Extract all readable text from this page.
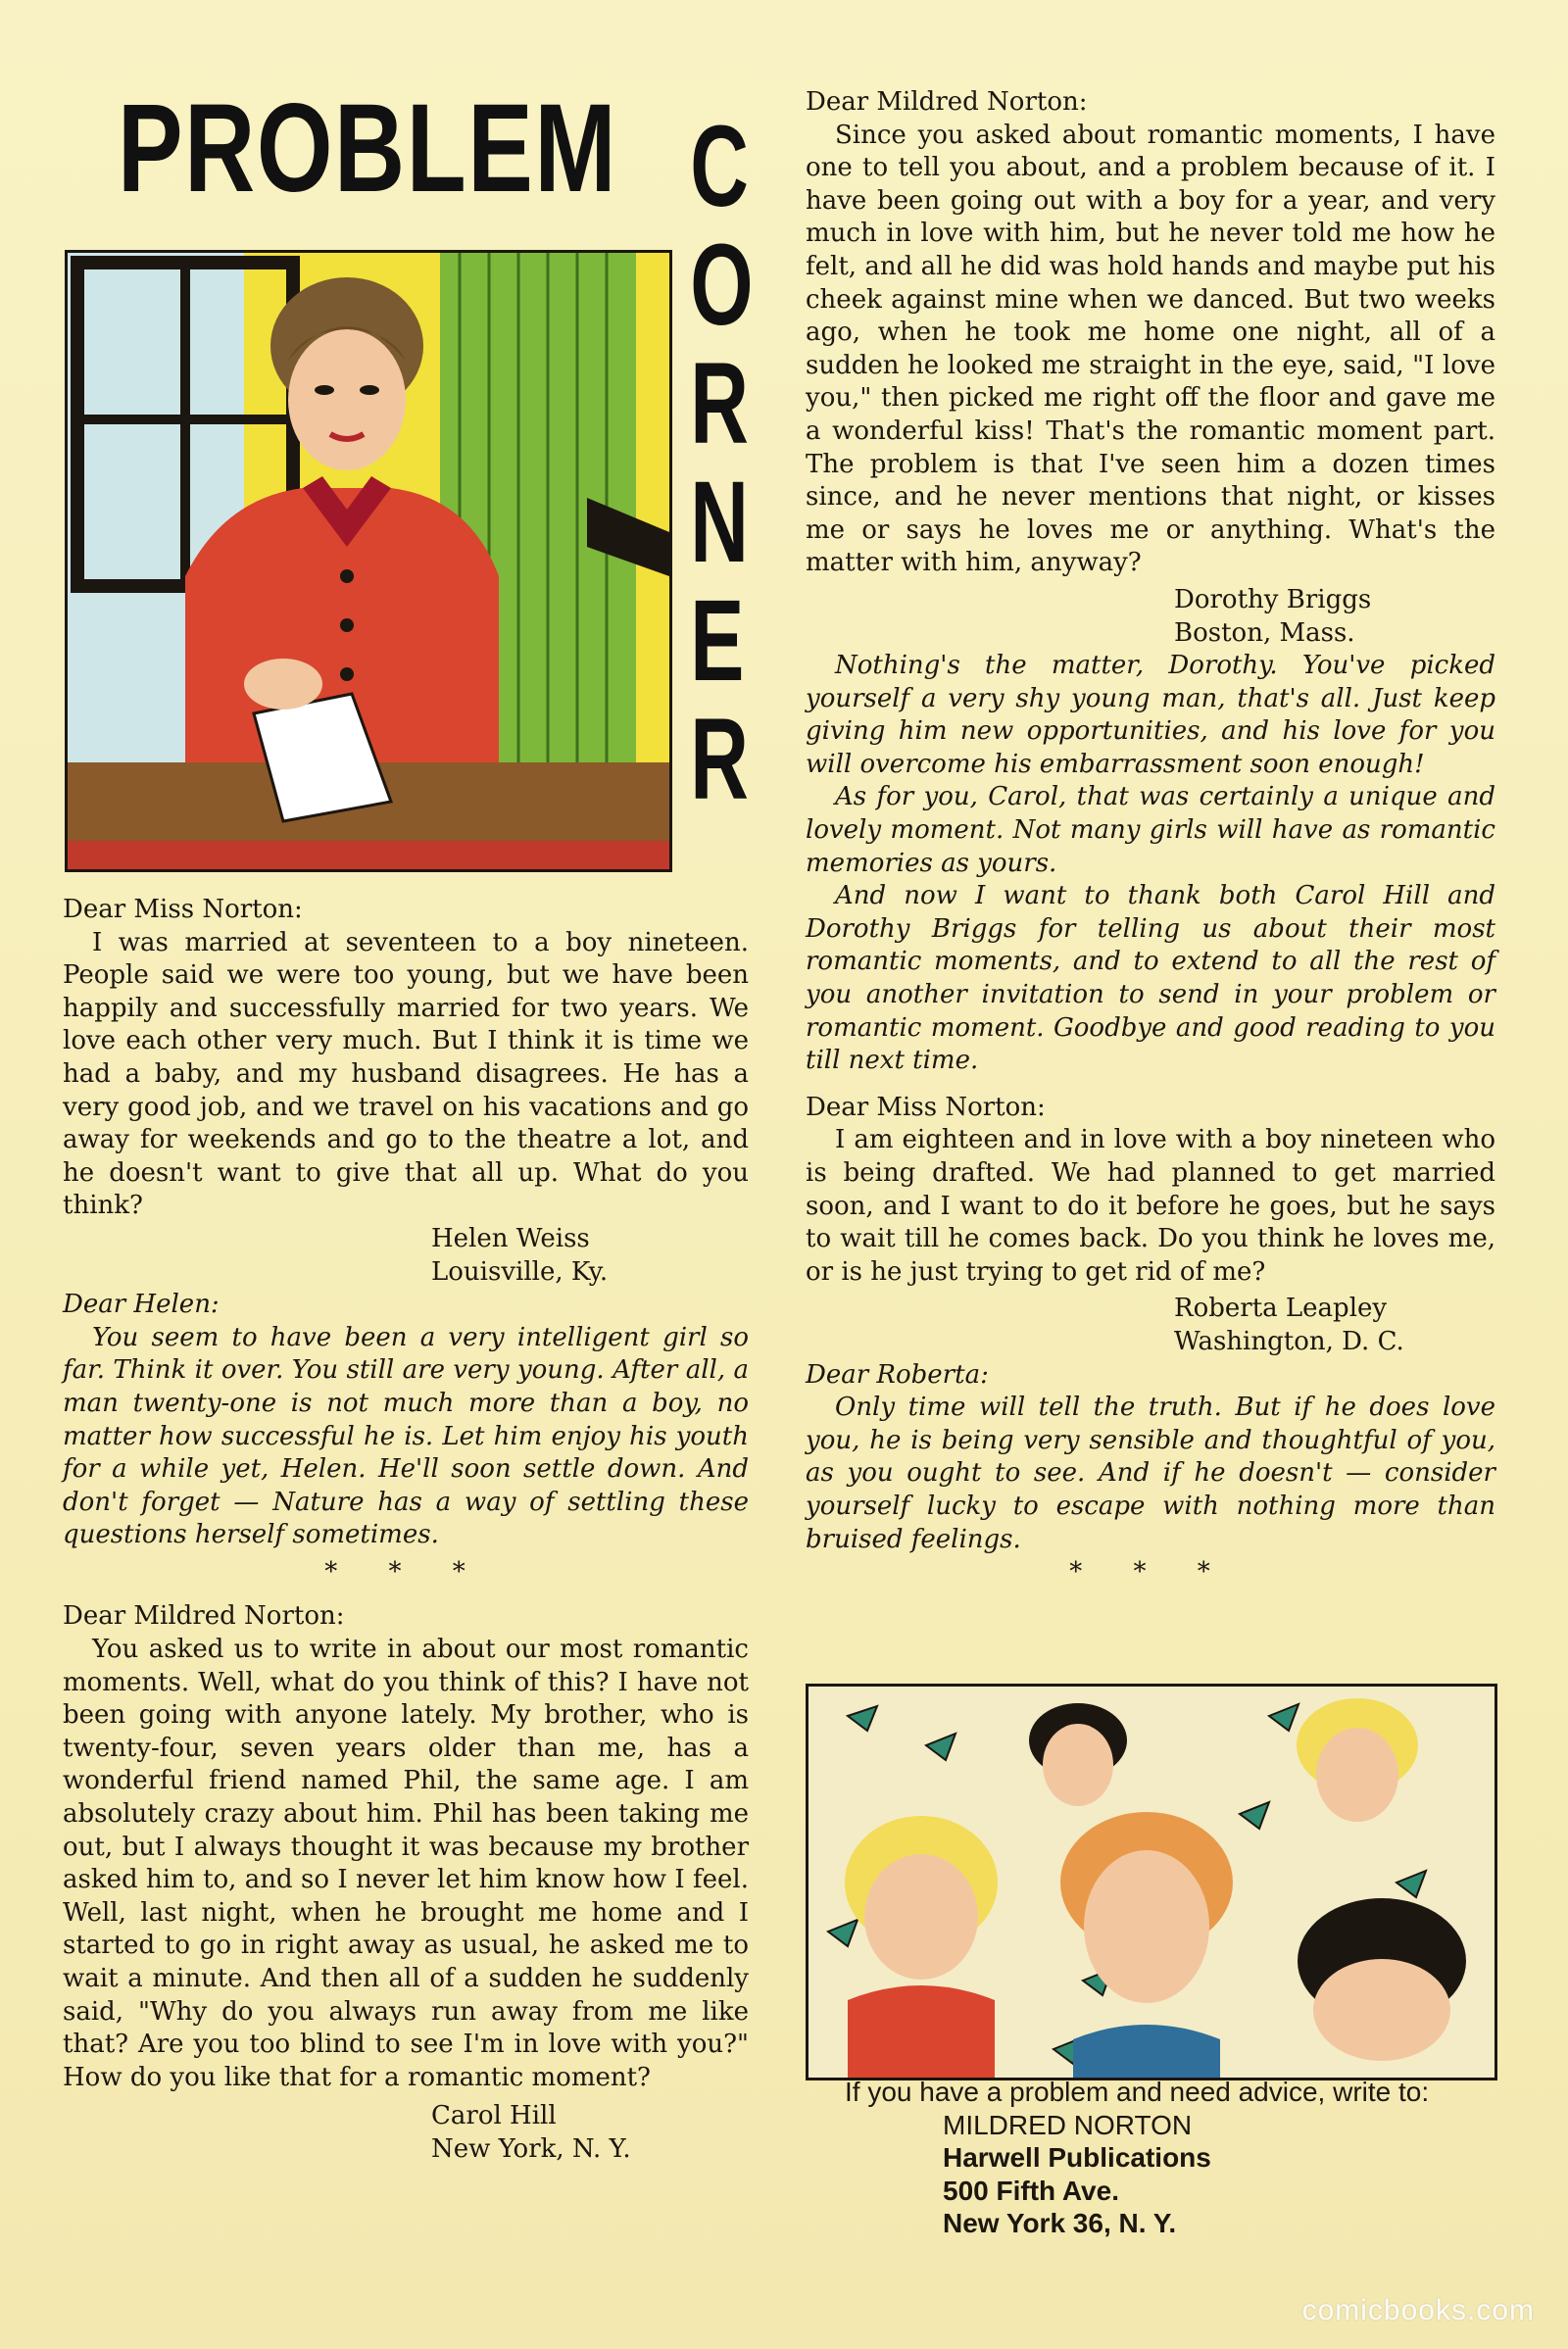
PROBLEM C
O
R
N
E
R

Dear Miss Norton:

I was married at seventeen to a boy nineteen. People said we were too young, but we have been happily and successfully married for two years. We love each other very much. But I think it is time we had a baby, and my husband disagrees. He has a very good job, and we travel on his vacations and go away for weekends and go to the theatre a lot, and he doesn't want to give that all up. What do you think?

Helen Weiss

Louisville, Ky.

Dear Helen:

You seem to have been a very intelligent girl so far. Think it over. You still are very young. After all, a man twenty-one is not much more than a boy, no matter how successful he is. Let him enjoy his youth for a while yet, Helen. He'll soon settle down. And don't forget — Nature has a way of settling these questions herself sometimes.

* * *

Dear Mildred Norton:

You asked us to write in about our most romantic moments. Well, what do you think of this? I have not been going with anyone lately. My brother, who is twenty-four, seven years older than me, has a wonderful friend named Phil, the same age. I am absolutely crazy about him. Phil has been taking me out, but I always thought it was because my brother asked him to, and so I never let him know how I feel. Well, last night, when he brought me home and I started to go in right away as usual, he asked me to wait a minute. And then all of a sudden he suddenly said, "Why do you always run away from me like that? Are you too blind to see I'm in love with you?" How do you like that for a romantic moment?

Carol Hill

New York, N. Y.

Dear Mildred Norton:

Since you asked about romantic moments, I have one to tell you about, and a problem because of it. I have been going out with a boy for a year, and very much in love with him, but he never told me how he felt, and all he did was hold hands and maybe put his cheek against mine when we danced. But two weeks ago, when he took me home one night, all of a sudden he looked me straight in the eye, said, "I love you," then picked me right off the floor and gave me a wonderful kiss! That's the romantic moment part. The problem is that I've seen him a dozen times since, and he never mentions that night, or kisses me or says he loves me or anything. What's the matter with him, anyway?

Dorothy Briggs

Boston, Mass.

Nothing's the matter, Dorothy. You've picked yourself a very shy young man, that's all. Just keep giving him new opportunities, and his love for you will overcome his embarrassment soon enough!

As for you, Carol, that was certainly a unique and lovely moment. Not many girls will have as romantic memories as yours.

And now I want to thank both Carol Hill and Dorothy Briggs for telling us about their most romantic moments, and to extend to all the rest of you another invitation to send in your problem or romantic moment. Goodbye and good reading to you till next time.

Dear Miss Norton:

I am eighteen and in love with a boy nineteen who is being drafted. We had planned to get married soon, and I want to do it before he goes, but he says to wait till he comes back. Do you think he loves me, or is he just trying to get rid of me?

Roberta Leapley

Washington, D. C.

Dear Roberta:

Only time will tell the truth. But if he does love you, he is being very sensible and thoughtful of you, as you ought to see. And if he doesn't — consider yourself lucky to escape with nothing more than bruised feelings.

* * *

If you have a problem and need advice, write to:

MILDRED NORTON
Harwell Publications
500 Fifth Ave.
New York 36, N. Y.
comicbooks.com
